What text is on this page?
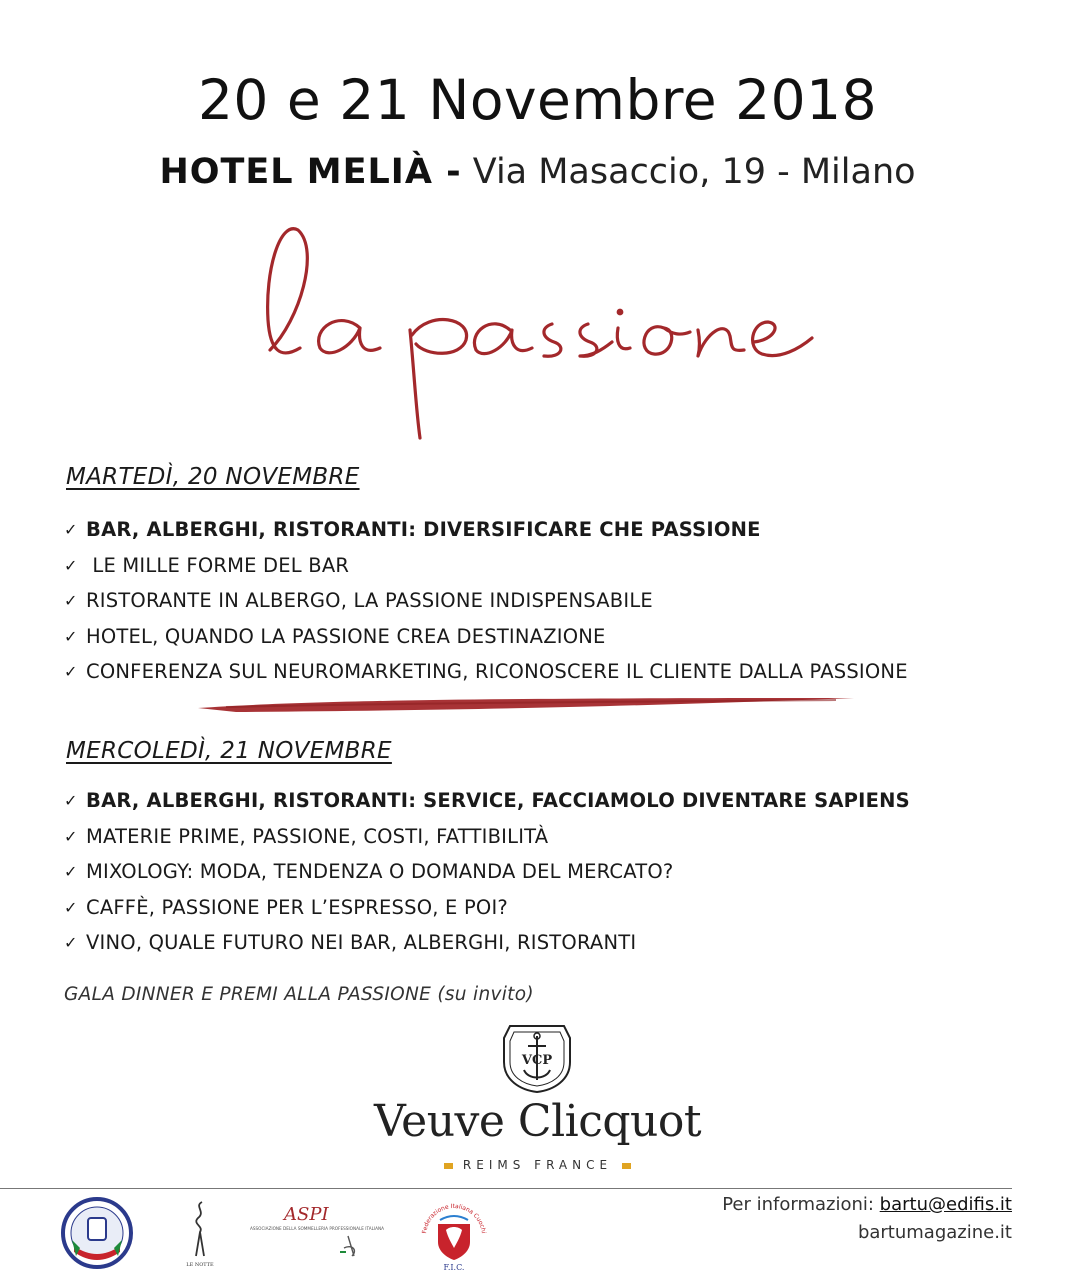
20 e 21 Novembre 2018
HOTEL MELIÀ - Via Masaccio, 19 - Milano
MARTEDÌ, 20 NOVEMBRE
✓ BAR, ALBERGHI, RISTORANTI: DIVERSIFICARE CHE PASSIONE
✓ LE MILLE FORME DEL BAR
✓ RISTORANTE IN ALBERGO, LA PASSIONE INDISPENSABILE
✓ HOTEL, QUANDO LA PASSIONE CREA DESTINAZIONE
✓ CONFERENZA SUL NEUROMARKETING, RICONOSCERE IL CLIENTE DALLA PASSIONE
MERCOLEDÌ, 21 NOVEMBRE
✓ BAR, ALBERGHI, RISTORANTI: SERVICE, FACCIAMOLO DIVENTARE SAPIENS
✓ MATERIE PRIME, PASSIONE, COSTI, FATTIBILITÀ
✓ MIXOLOGY: MODA, TENDENZA O DOMANDA DEL MERCATO?
✓ CAFFÈ, PASSIONE PER L’ESPRESSO, E POI?
✓ VINO, QUALE FUTURO NEI BAR, ALBERGHI, RISTORANTI
GALA DINNER E PREMI ALLA PASSIONE (su invito)
VCP
Veuve Clicquot
REIMS FRANCE
LE NOTTE
ASPI
ASSOCIAZIONE DELLA SOMMELLERIA PROFESSIONALE ITALIANA
Federazione Italiana Cuochi
F.I.C.
Per informazioni: bartu@edifis.it
bartumagazine.it
